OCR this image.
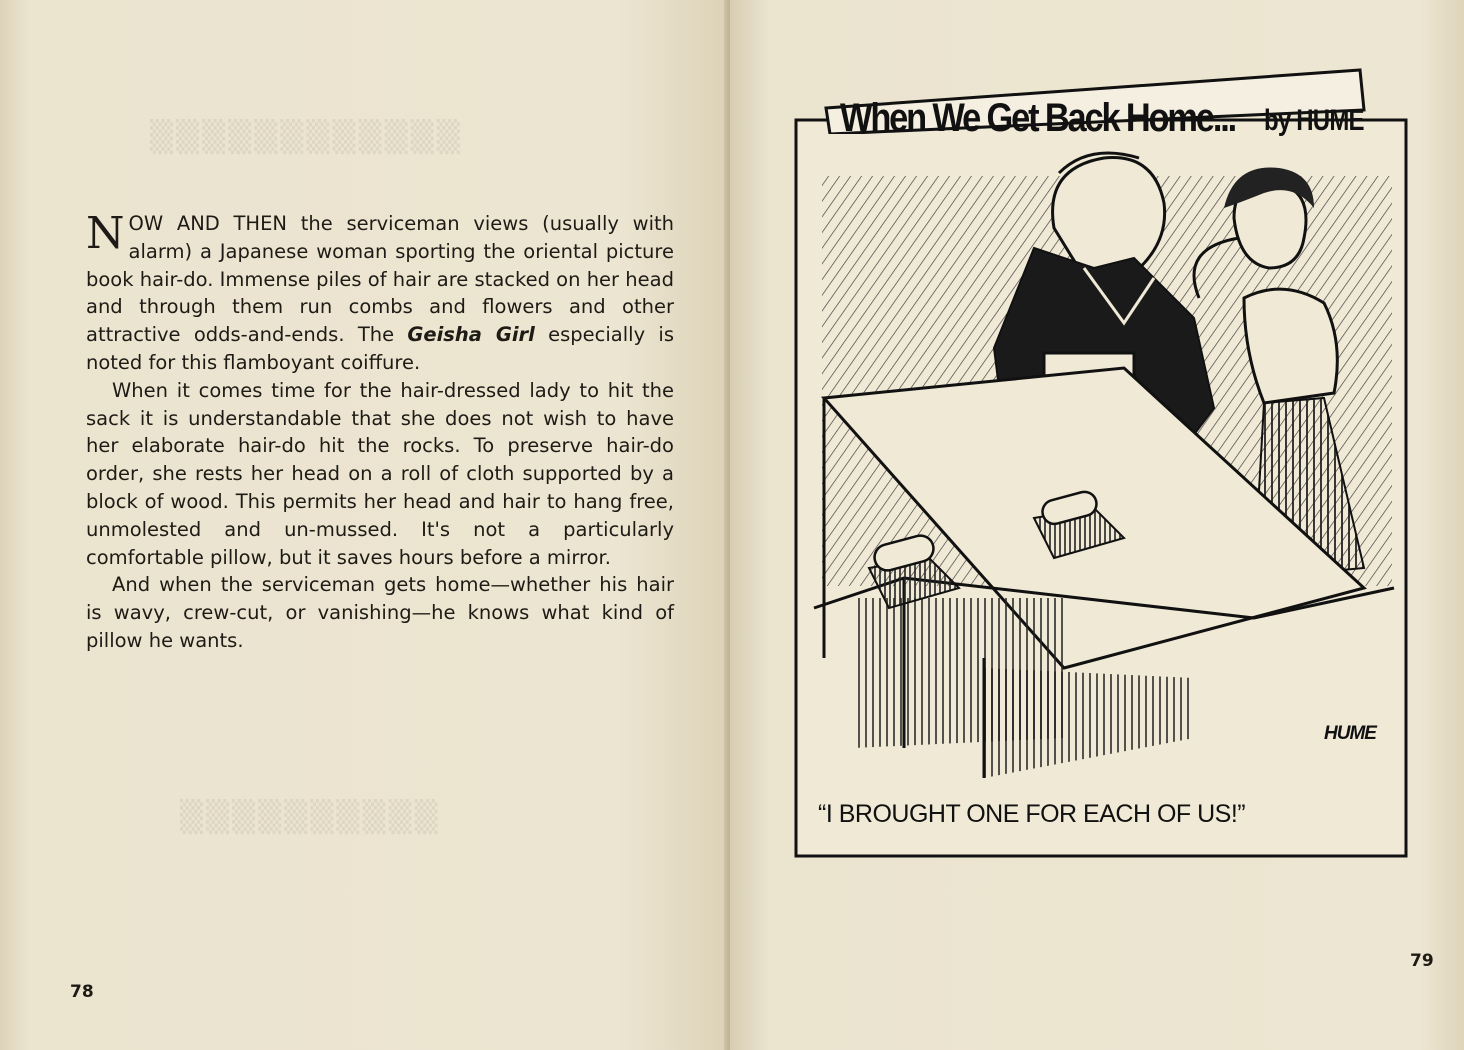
▒▒▒▒▒▒▒▒▒▒▒▒
▒▒▒▒▒▒▒▒▒▒

NOW AND THEN the serviceman views (usually with alarm) a Japanese woman sporting the oriental picture book hair-do. Immense piles of hair are stacked on her head and through them run combs and flowers and other attractive odds-and-ends. The Geisha Girl especially is noted for this flamboyant coiffure.

When it comes time for the hair-dressed lady to hit the sack it is understandable that she does not wish to have her elaborate hair-do hit the rocks. To preserve hair-do order, she rests her head on a roll of cloth supported by a block of wood. This permits her head and hair to hang free, unmolested and un-mussed. It's not a particularly comfortable pillow, but it saves hours before a mirror.

And when the serviceman gets home—whether his hair is wavy, crew-cut, or vanishing—he knows what kind of pillow he wants.

78
79
When We Get Back Home... by HUME
HUME
“I BROUGHT ONE FOR EACH OF US!”
